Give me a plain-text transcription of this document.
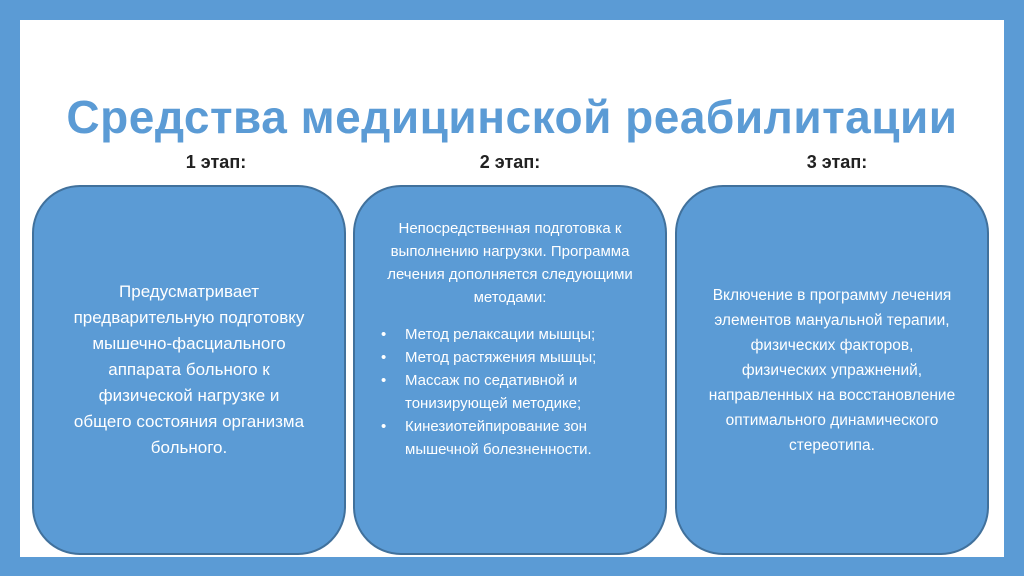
Средства медицинской реабилитации

1 этап:	2 этап:	3 этап:

Предусматривает предварительную подготовку мышечно-фасциального аппарата больного к физической нагрузке и общего состояния организма больного.

Непосредственная подготовка к выполнению нагрузки. Программа лечения дополняется следующими методами:

• Метод релаксации мышцы;
• Метод растяжения мышцы;
• Массаж по седативной и тонизирующей методике;
• Кинезиотейпирование зон мышечной болезненности.

Включение в программу лечения элементов мануальной терапии, физических факторов, физических упражнений, направленных на восстановление оптимального динамического стереотипа.
